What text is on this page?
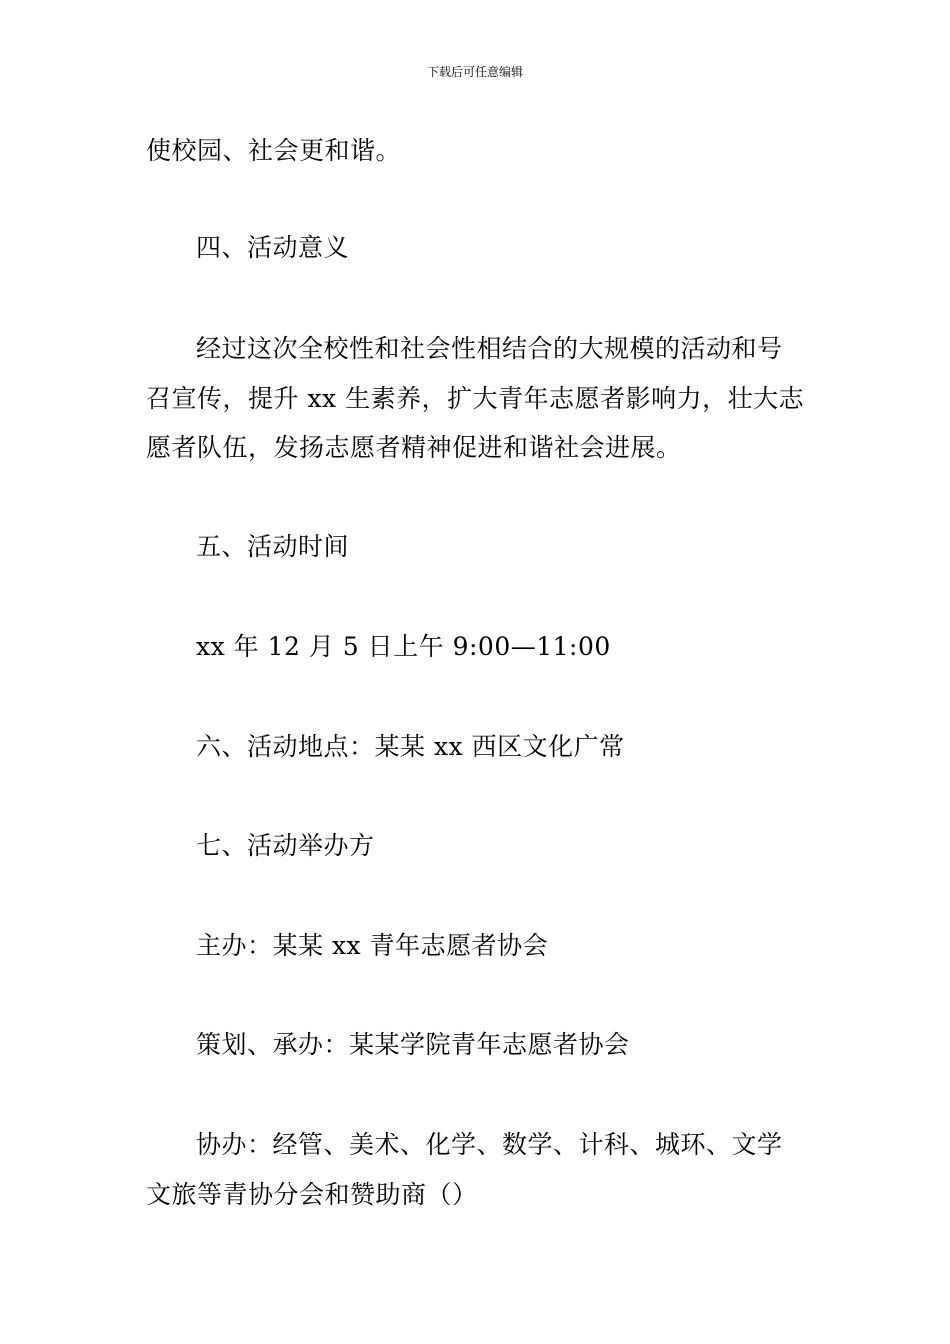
下载后可任意编辑
使校园、社会更和谐。
四、活动意义
经过这次全校性和社会性相结合的大规模的活动和号
召宣传，提升 xx 生素养，扩大青年志愿者影响力，壮大志
愿者队伍，发扬志愿者精神促进和谐社会进展。
五、活动时间
xx 年 12 月 5 日上午 9:00—11:00
六、活动地点：某某 xx 西区文化广常
七、活动举办方
主办：某某 xx 青年志愿者协会
策划、承办：某某学院青年志愿者协会
协办：经管、美术、化学、数学、计科、城环、文学
文旅等青协分会和赞助商（）
